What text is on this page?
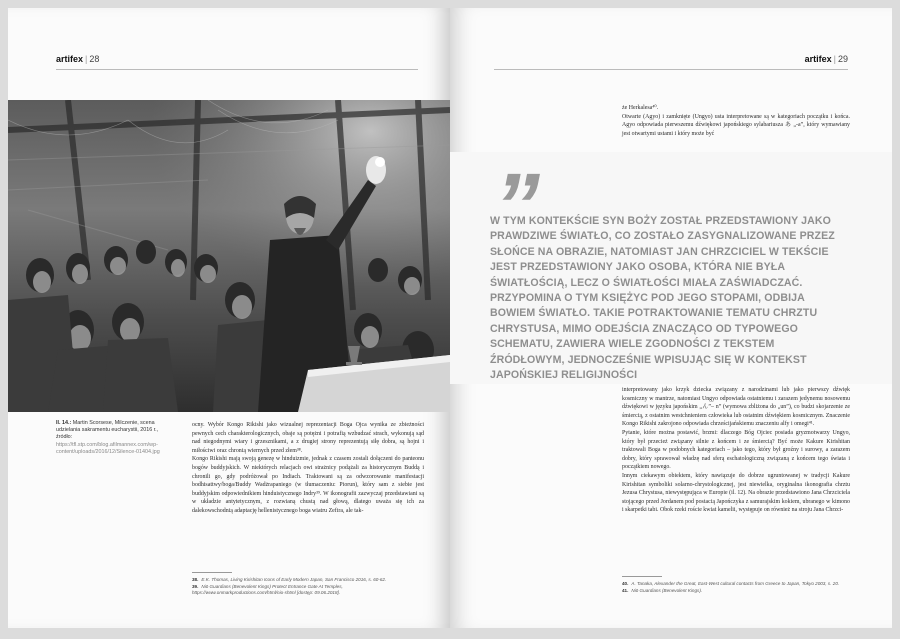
artifex | 28
Il. 14.: Martin Scorsese, Milczenie, scena udzielania sakramentu eucharystii, 2016 r., źródło: https://tfl.stp.com/blog.afilmannex.com/wp-content/uploads/2016/12/Silence-01404.jpg

ocny. Wybór Kongo Rikishi jako wizualnej reprezentacji Boga Ojca wynika ze zbieżności pewnych cech charakterologicznych, obaje są potężni i potrafią wzbudzać strach, wykonują sąd nad niegodnymi wiary i grzesznikami, a z drugiej strony reprezentują siłę dobra, są hojni i miłościwi oraz chronią wiernych przed złem³⁸.

Kongo Rikishi mają swoją genezę w hinduizmie, jednak z czasem zostali dołączeni do panteonu bogów buddyjskich. W niektórych relacjach owi strażnicy podążali za historycznym Buddą i chronili go, gdy podróżował po Indiach. Traktowani są za odwzorowanie manifestacji bodhisattwy/boga/Buddy Wadżrapaniego (w tłumaczeniu: Piorun), który sam z siebie jest buddyjskim odpowiednikiem hinduistycznego Indry³⁹. W ikonografii zazwyczaj przedstawiani są w układzie antytetycznym, z rozwianą chustą nad głową, dlatego uważa się ich za dalekowschodnią adaptację hellenistycznego boga wiatru Zefira, ale tak-

38. E.K. Thomas, Living Kirishitan Icons of Early Modern Japan, San Francisco 2016, s. 60-62.
39. Niō Guardians (Benevolent Kings) Protect Entrance Gate At Temples, https://www.onmarkproductions.com/html/nio-shtml [dostęp: 09.06.2018].
artifex | 29

że Herkalesa⁴⁰.

Otwarte (Agyo) i zamknięte (Ungyo) usta interpretowane są w kategoriach początku i końca. Agyo odpowiada pierwszemu dźwiękowi japońskiego sylabariusza あ „-a”, który wymawiany jest otwartymi ustami i który może być

”
W TYM KONTEKŚCIE SYN BOŻY ZOSTAŁ PRZEDSTAWIONY JAKO PRAWDZIWE ŚWIATŁO, CO ZOSTAŁO ZASYGNALIZOWANE PRZEZ SŁOŃCE NA OBRAZIE, NATOMIAST JAN CHRZCICIEL W TEKŚCIE JEST PRZEDSTAWIONY JAKO OSOBA, KTÓRA NIE BYŁA ŚWIATŁOŚCIĄ, LECZ O ŚWIATŁOŚCI MIAŁA ZAŚWIADCZAĆ. PRZYPOMINA O TYM KSIĘŻYC POD JEGO STOPAMI, ODBIJA BOWIEM ŚWIATŁO. TAKIE POTRAKTOWANIE TEMATU CHRZTU CHRYSTUSA, MIMO ODEJŚCIA ZNACZĄCO OD TYPOWEGO SCHEMATU, ZAWIERA WIELE ZGODNOŚCI Z TEKSTEM ŹRÓDŁOWYM, JEDNOCZEŚNIE WPISUJĄC SIĘ W KONTEKST JAPOŃSKIEJ RELIGIJNOŚCI

interpretowany jako krzyk dziecka związany z narodzinami lub jako pierwszy dźwięk kosmiczny w mantrze, natomiast Ungyo odpowiada ostatniemu i zarazem jedynemu nosowemu dźwiękowi w języku japońskim „ん”– n” (wymowa zbliżona do „un”), co budzi skojarzenie ze śmiercią, z ostatnim westchnieniem człowieka lub ostatnim dźwiękiem kosmicznym. Znaczenie Kongo Rikishi zakrojono odpowiada chrześcijańskiemu znaczeniu alfy i omegi⁴¹.

Pytanie, które można postawić, brzmi: dlaczego Bóg Ojciec posiada gryzmotwarzy Ungyo, który był przecież związany silnie z końcem i ze śmiercią? Być może Kakure Kirishitan traktowali Boga w podobnych kategoriach – jako tego, który był groźny i surowy, a zarazem dobry, który sprawował władzę nad sferą eschatologiczną związaną z końcem tego świata i początkiem nowego.

Innym ciekawym obiektem, który nawiązuje do dobrze ugruntowanej w tradycji Kakure Kirishitan symboliki solarno-chrystologicznej, jest niewielka, oryginalna ikonografia chrztu Jezusa Chrystusa, niewystępująca w Europie (il. 12). Na obrazie przedstawiono Jana Chrzciciela stojącego przed Jordanem pod postacią Japończyka z samurajskim kokiem, ubranego w kimono i skarpetki tabi. Obok rzeki roście kwiat kamelii, występuje on również na stroju Jana Chrzci-

40. A. Tanaka, Alexander the Great, East-West cultural contacts from Greece to Japan, Tokyo 2003, s. 20.
41. Niō Guardians (Benevolent Kings).
